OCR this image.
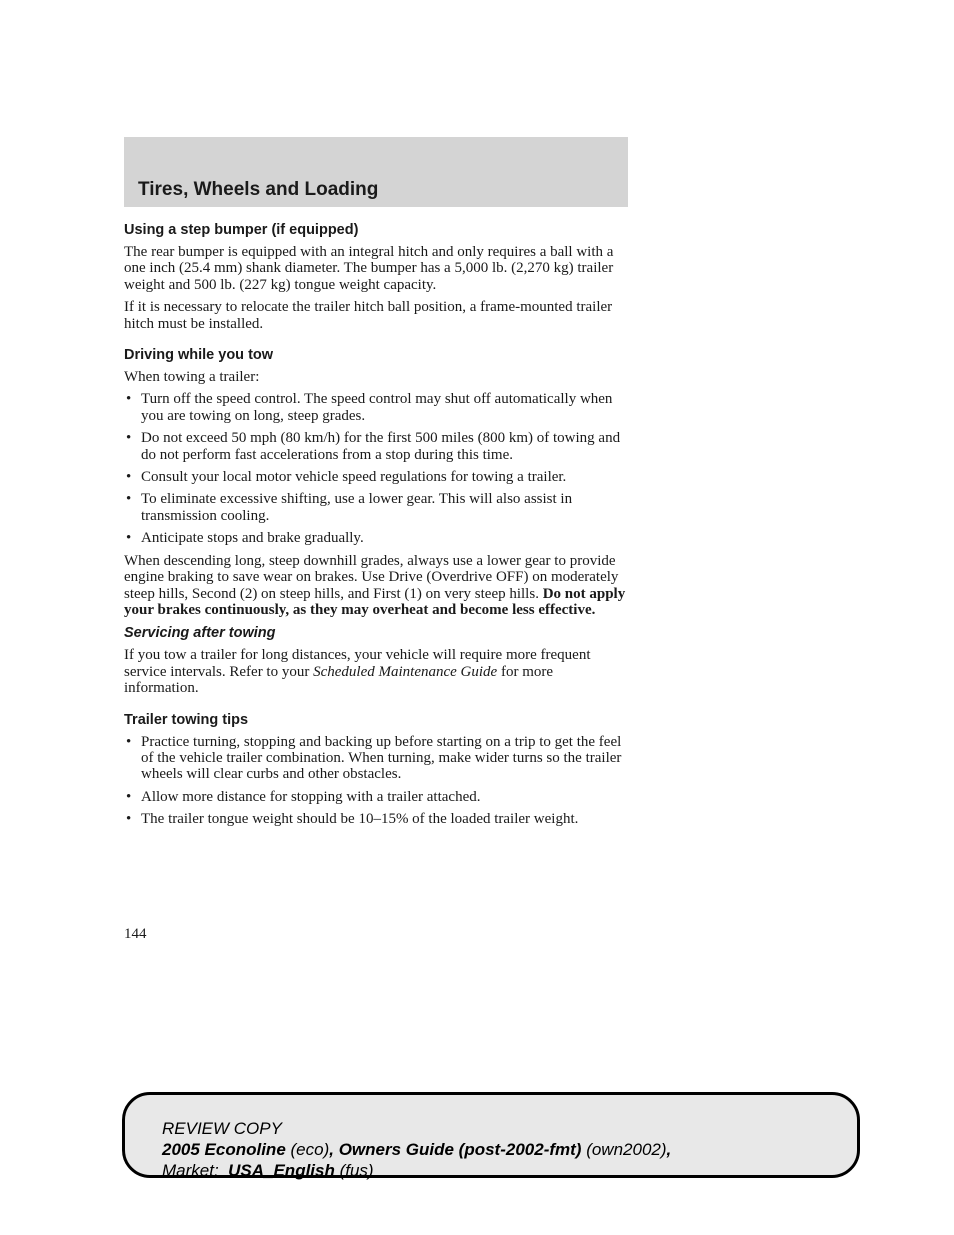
Tires, Wheels and Loading
Using a step bumper (if equipped)

The rear bumper is equipped with an integral hitch and only requires a ball with a one inch (25.4 mm) shank diameter. The bumper has a 5,000 lb. (2,270 kg) trailer weight and 500 lb. (227 kg) tongue weight capacity.

If it is necessary to relocate the trailer hitch ball position, a frame-mounted trailer hitch must be installed.

Driving while you tow

When towing a trailer:

• Turn off the speed control. The speed control may shut off automatically when you are towing on long, steep grades.
• Do not exceed 50 mph (80 km/h) for the first 500 miles (800 km) of towing and do not perform fast accelerations from a stop during this time.
• Consult your local motor vehicle speed regulations for towing a trailer.
• To eliminate excessive shifting, use a lower gear. This will also assist in transmission cooling.
• Anticipate stops and brake gradually.

When descending long, steep downhill grades, always use a lower gear to provide engine braking to save wear on brakes. Use Drive (Overdrive OFF) on moderately steep hills, Second (2) on steep hills, and First (1) on very steep hills. Do not apply your brakes continuously, as they may overheat and become less effective.

Servicing after towing

If you tow a trailer for long distances, your vehicle will require more frequent service intervals. Refer to your Scheduled Maintenance Guide for more information.

Trailer towing tips
• Practice turning, stopping and backing up before starting on a trip to get the feel of the vehicle trailer combination. When turning, make wider turns so the trailer wheels will clear curbs and other obstacles.
• Allow more distance for stopping with a trailer attached.
• The trailer tongue weight should be 10–15% of the loaded trailer weight.
144
REVIEW COPY
2005 Econoline (eco), Owners Guide (post-2002-fmt) (own2002),
Market:  USA_English (fus)
